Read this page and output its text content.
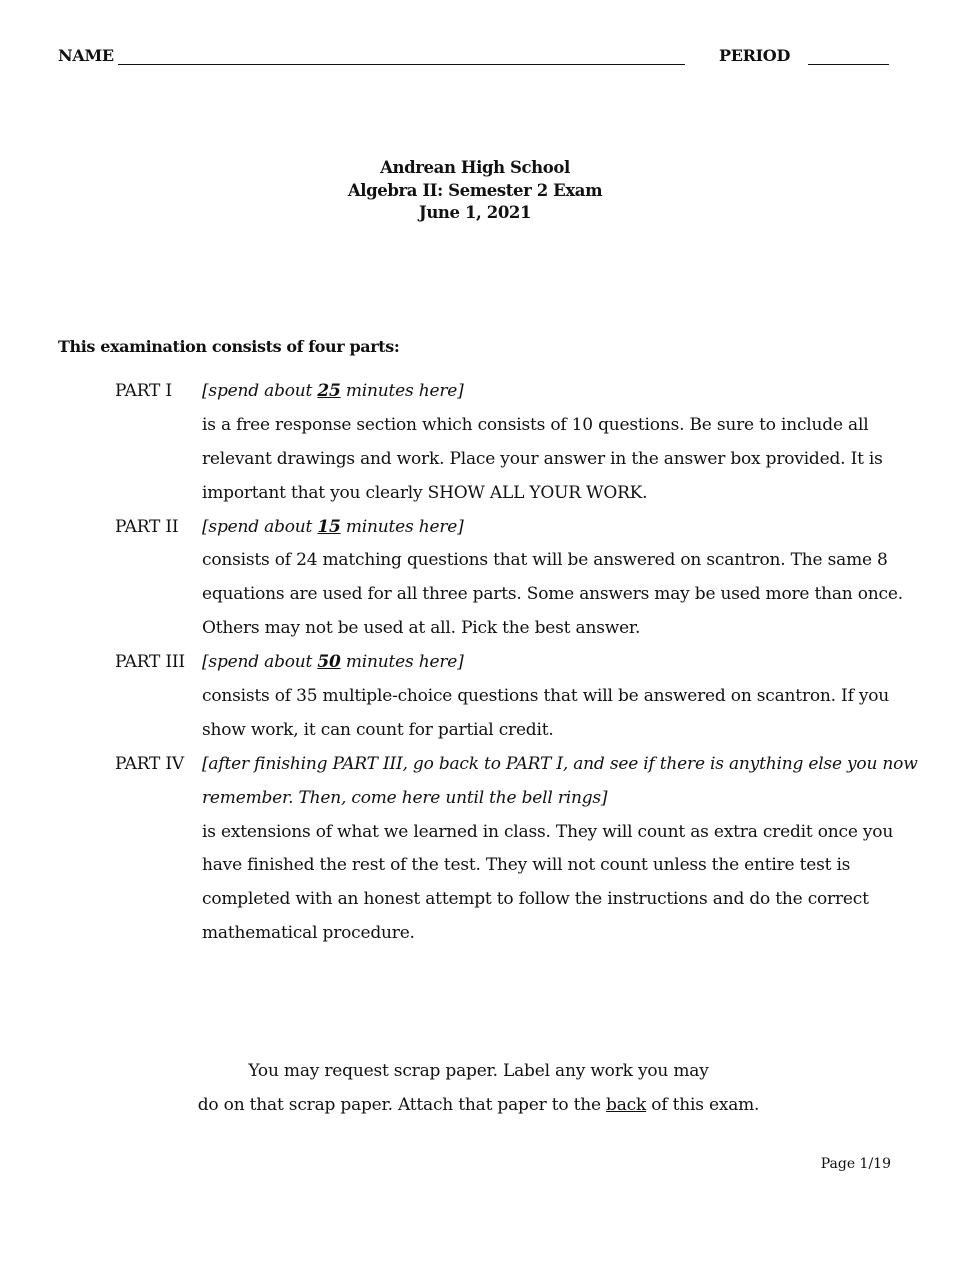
NAME	PERIOD
Andrean High School
Algebra II: Semester 2 Exam
June 1, 2021
This examination consists of four parts:
PART I [spend about 25 minutes here]
is a free response section which consists of 10 questions. Be sure to include all
relevant drawings and work. Place your answer in the answer box provided. It is
important that you clearly SHOW ALL YOUR WORK.
PART II [spend about 15 minutes here]
consists of 24 matching questions that will be answered on scantron. The same 8
equations are used for all three parts. Some answers may be used more than once.
Others may not be used at all. Pick the best answer.
PART III [spend about 50 minutes here]
consists of 35 multiple-choice questions that will be answered on scantron. If you
show work, it can count for partial credit.
PART IV [after finishing PART III, go back to PART I, and see if there is anything else you now
remember. Then, come here until the bell rings]
is extensions of what we learned in class. They will count as extra credit once you
have finished the rest of the test. They will not count unless the entire test is
completed with an honest attempt to follow the instructions and do the correct
mathematical procedure.
You may request scrap paper. Label any work you may
do on that scrap paper. Attach that paper to the back of this exam.
Page 1/19
